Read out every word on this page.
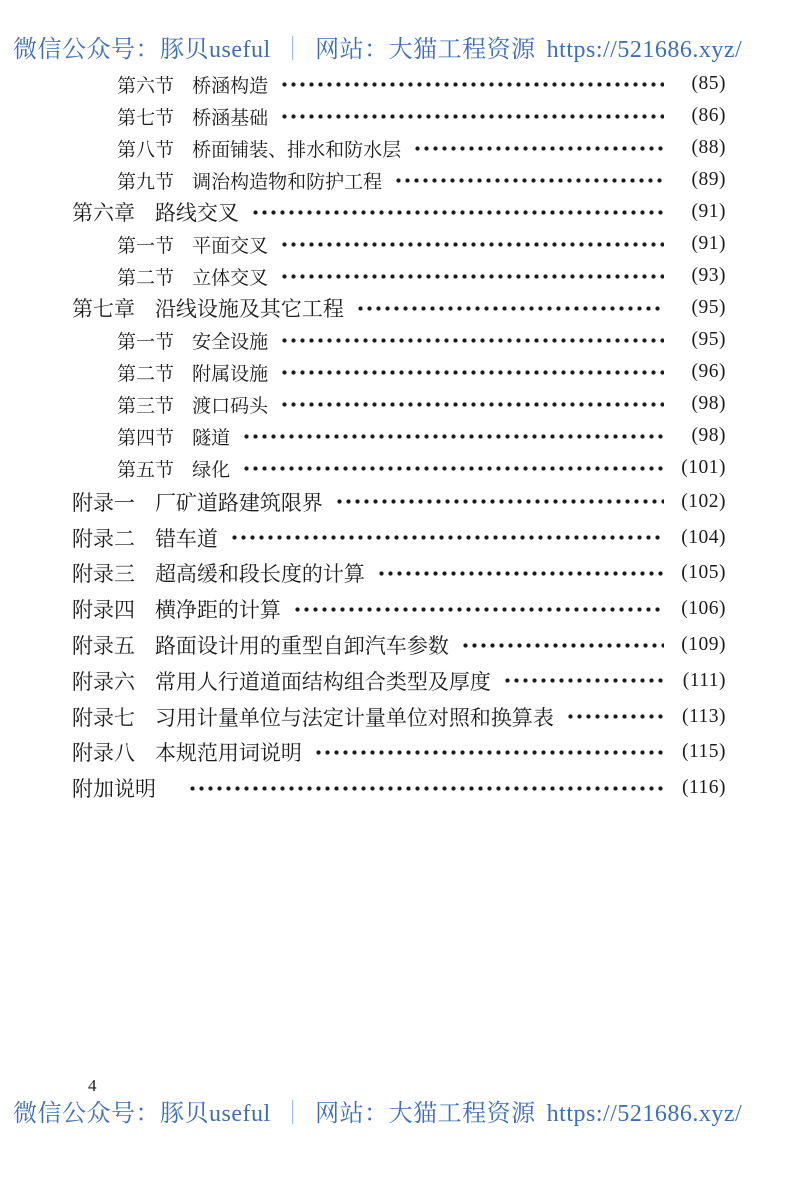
微信公众号：豚贝useful ｜ 网站：大猫工程资源 https://521686.xyz/
第六节 桥涵构造	(85)
第七节 桥涵基础	(86)
第八节 桥面铺装、排水和防水层	(88)
第九节 调治构造物和防护工程	(89)
第六章 路线交叉	(91)
第一节 平面交叉	(91)
第二节 立体交叉	(93)
第七章 沿线设施及其它工程	(95)
第一节 安全设施	(95)
第二节 附属设施	(96)
第三节 渡口码头	(98)
第四节 隧道	(98)
第五节 绿化	(101)
附录一 厂矿道路建筑限界	(102)
附录二 错车道	(104)
附录三 超高缓和段长度的计算	(105)
附录四 横净距的计算	(106)
附录五 路面设计用的重型自卸汽车参数	(109)
附录六 常用人行道道面结构组合类型及厚度	(111)
附录七 习用计量单位与法定计量单位对照和换算表	(113)
附录八 本规范用词说明	(115)
附加说明	(116)
4
微信公众号：豚贝useful ｜ 网站：大猫工程资源 https://521686.xyz/
